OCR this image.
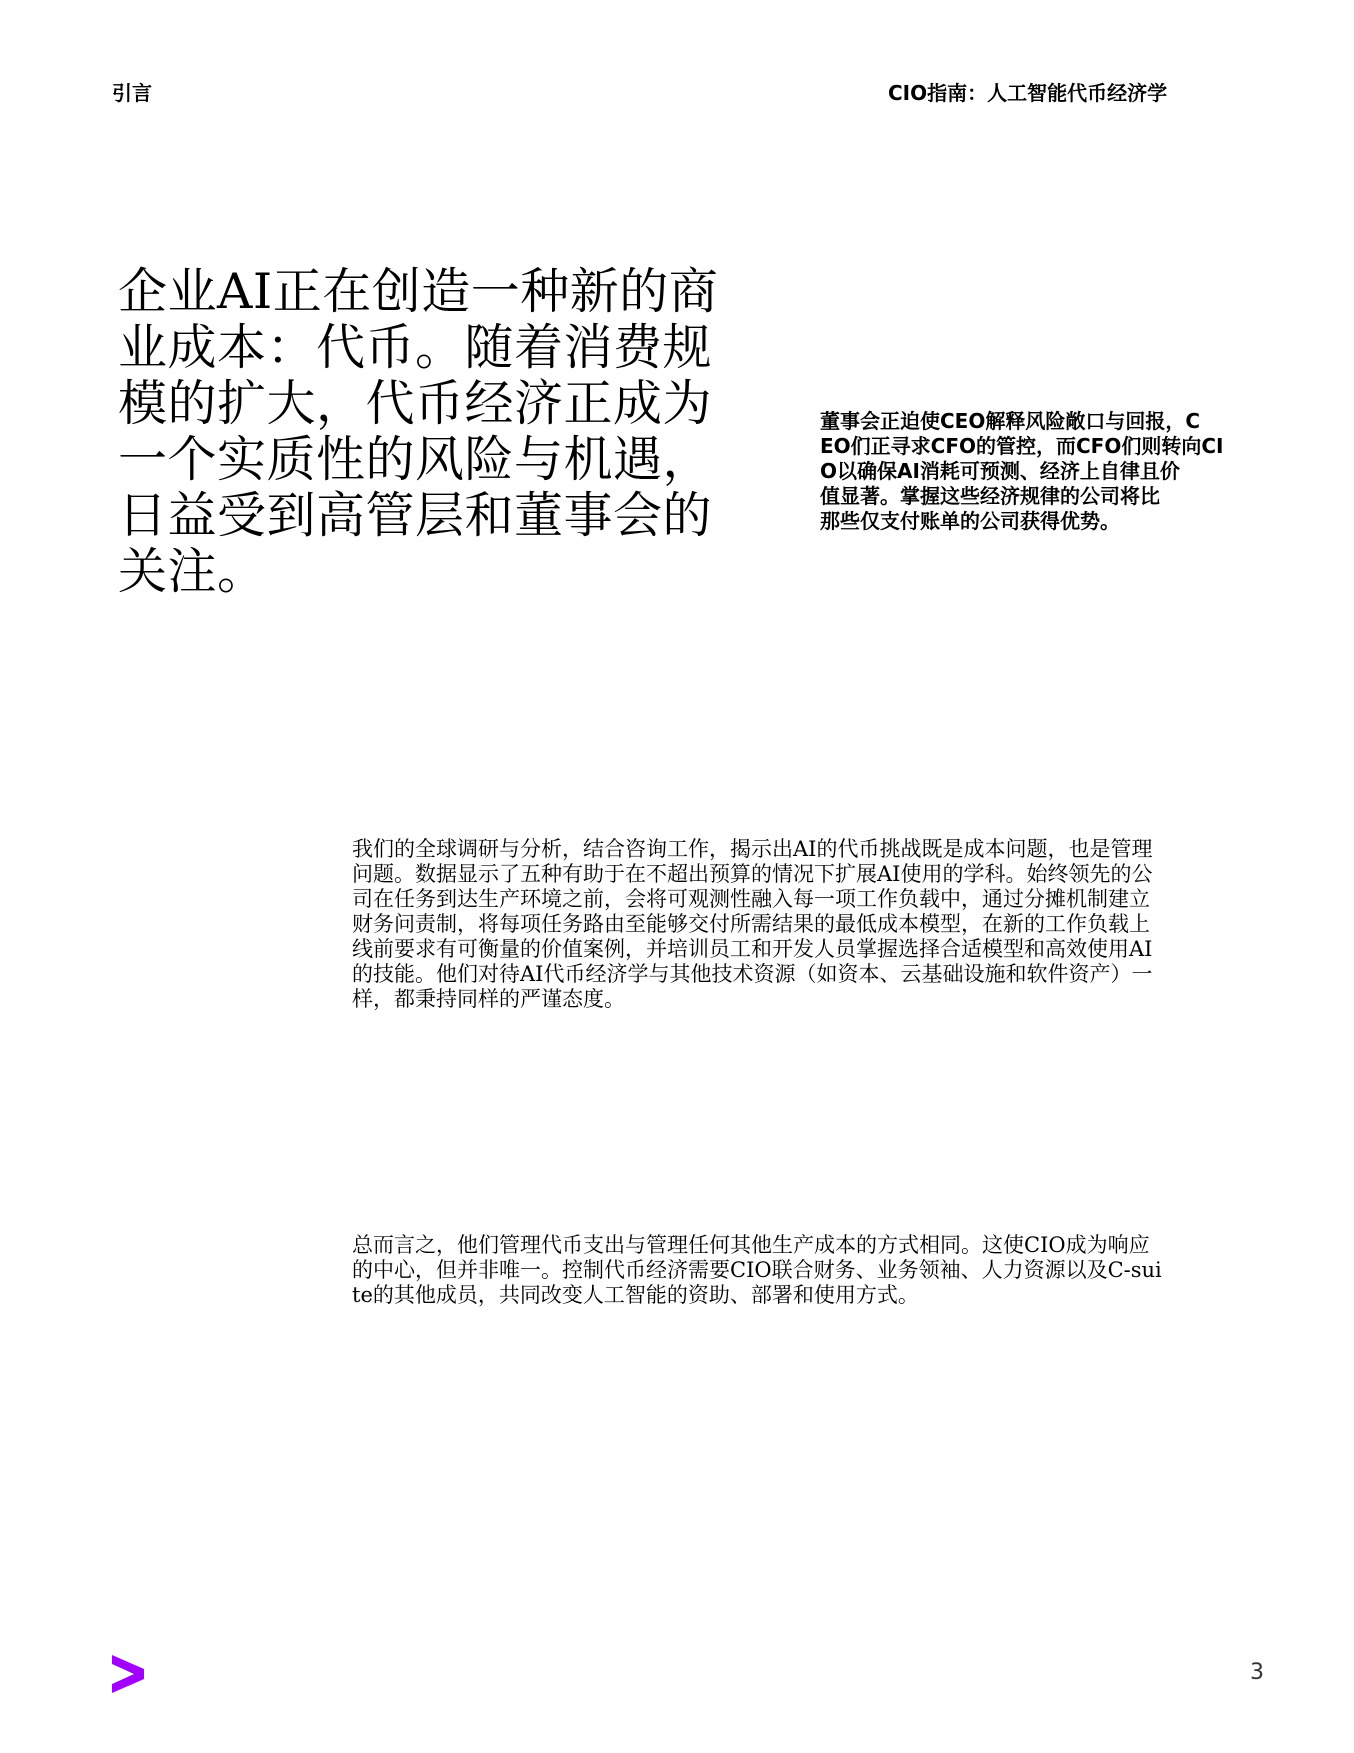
引言	CIO指南：人工智能代币经济学
企业AI正在创造一种新的商
业成本：代币。随着消费规
模的扩大，代币经济正成为
一个实质性的风险与机遇，
日益受到高管层和董事会的
关注。
董事会正迫使CEO解释风险敞口与回报，C
EO们正寻求CFO的管控，而CFO们则转向CI
O以确保AI消耗可预测、经济上自律且价
值显著。掌握这些经济规律的公司将比
那些仅支付账单的公司获得优势。
我们的全球调研与分析，结合咨询工作，揭示出AI的代币挑战既是成本问题，也是管理
问题。数据显示了五种有助于在不超出预算的情况下扩展AI使用的学科。始终领先的公
司在任务到达生产环境之前，会将可观测性融入每一项工作负载中，通过分摊机制建立
财务问责制，将每项任务路由至能够交付所需结果的最低成本模型，在新的工作负载上
线前要求有可衡量的价值案例，并培训员工和开发人员掌握选择合适模型和高效使用AI
的技能。他们对待AI代币经济学与其他技术资源（如资本、云基础设施和软件资产）一
样，都秉持同样的严谨态度。
总而言之，他们管理代币支出与管理任何其他生产成本的方式相同。这使CIO成为响应
的中心，但并非唯一。控制代币经济需要CIO联合财务、业务领袖、人力资源以及C-sui
te的其他成员，共同改变人工智能的资助、部署和使用方式。
3
